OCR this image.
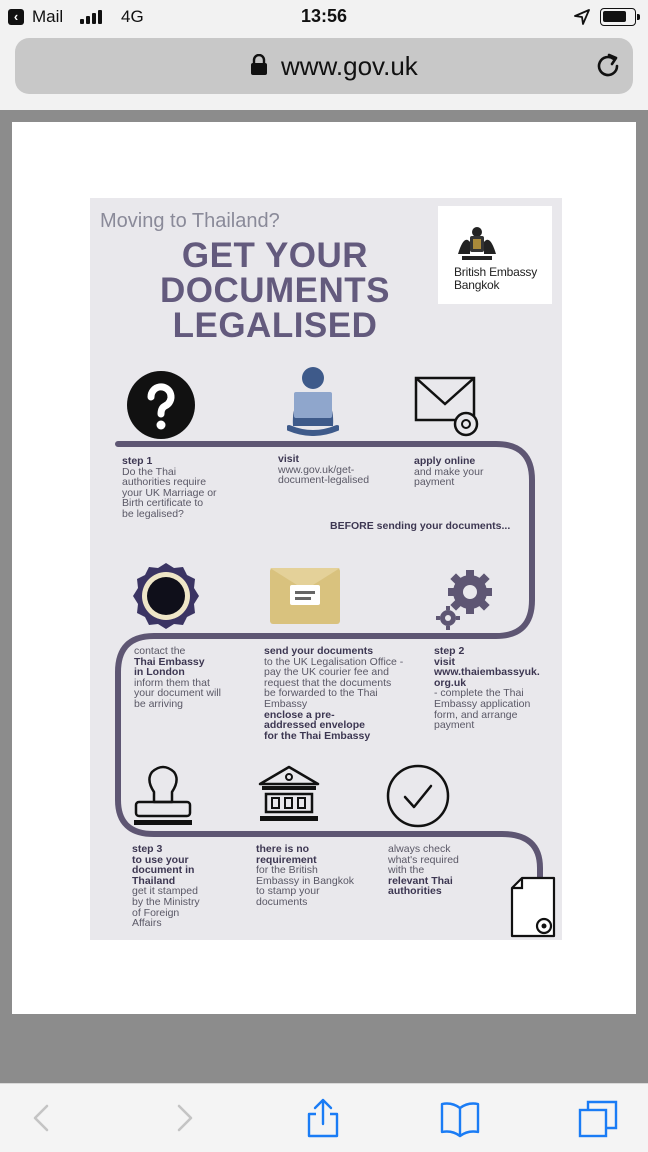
‹ Mail	4G	13:56
www.gov.uk
Moving to Thailand?
GET YOUR
DOCUMENTS
LEGALISED
British Embassy
Bangkok
step 1
Do the Thai
authorities require
your UK Marriage or
Birth certificate to
be legalised?
visit
www.gov.uk/get-
document-legalised
apply online
and make your
payment
BEFORE sending your documents...
contact the
Thai Embassy
in London
inform them that
your document will
be arriving
send your documents
to the UK Legalisation Office -
pay the UK courier fee and
request that the documents
be forwarded to the Thai
Embassy
enclose a pre-
addressed envelope
for the Thai Embassy
step 2
visit
www.thaiembassyuk.
org.uk
- complete the Thai
Embassy application
form, and arrange
payment
step 3
to use your
document in
Thailand
get it stamped
by the Ministry
of Foreign
Affairs
there is no
requirement
for the British
Embassy in Bangkok
to stamp your
documents
always check
what's required
with the
relevant Thai
authorities
